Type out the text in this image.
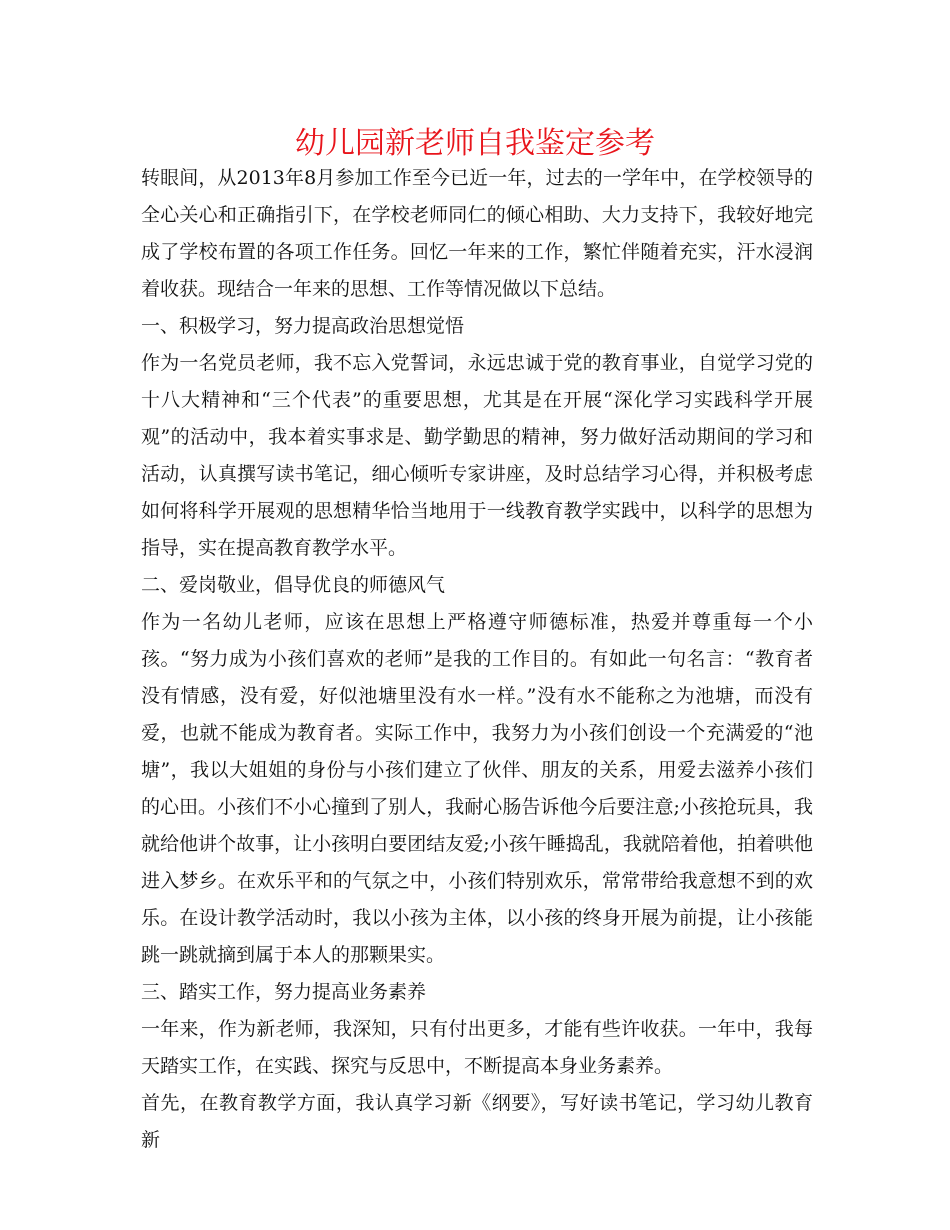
幼儿园新老师自我鉴定参考

转眼间，从2013年8月参加工作至今已近一年，过去的一学年中，在学校领导的全心关心和正确指引下，在学校老师同仁的倾心相助、大力支持下，我较好地完成了学校布置的各项工作任务。回忆一年来的工作，繁忙伴随着充实，汗水浸润着收获。现结合一年来的思想、工作等情况做以下总结。

一、积极学习，努力提高政治思想觉悟

作为一名党员老师，我不忘入党誓词，永远忠诚于党的教育事业，自觉学习党的十八大精神和“三个代表”的重要思想，尤其是在开展“深化学习实践科学开展观”的活动中，我本着实事求是、勤学勤思的精神，努力做好活动期间的学习和活动，认真撰写读书笔记，细心倾听专家讲座，及时总结学习心得，并积极考虑如何将科学开展观的思想精华恰当地用于一线教育教学实践中，以科学的思想为指导，实在提高教育教学水平。

二、爱岗敬业，倡导优良的师德风气

作为一名幼儿老师，应该在思想上严格遵守师德标准，热爱并尊重每一个小孩。“努力成为小孩们喜欢的老师”是我的工作目的。有如此一句名言：“教育者没有情感，没有爱，好似池塘里没有水一样。”没有水不能称之为池塘，而没有爱，也就不能成为教育者。实际工作中，我努力为小孩们创设一个充满爱的“池塘”，我以大姐姐的身份与小孩们建立了伙伴、朋友的关系，用爱去滋养小孩们的心田。小孩们不小心撞到了别人，我耐心肠告诉他今后要注意;小孩抢玩具，我就给他讲个故事，让小孩明白要团结友爱;小孩午睡捣乱，我就陪着他，拍着哄他进入梦乡。在欢乐平和的气氛之中，小孩们特别欢乐，常常带给我意想不到的欢乐。在设计教学活动时，我以小孩为主体，以小孩的终身开展为前提，让小孩能跳一跳就摘到属于本人的那颗果实。

三、踏实工作，努力提高业务素养

一年来，作为新老师，我深知，只有付出更多，才能有些许收获。一年中，我每天踏实工作，在实践、探究与反思中，不断提高本身业务素养。

首先，在教育教学方面，我认真学习新《纲要》，写好读书笔记，学习幼儿教育新
